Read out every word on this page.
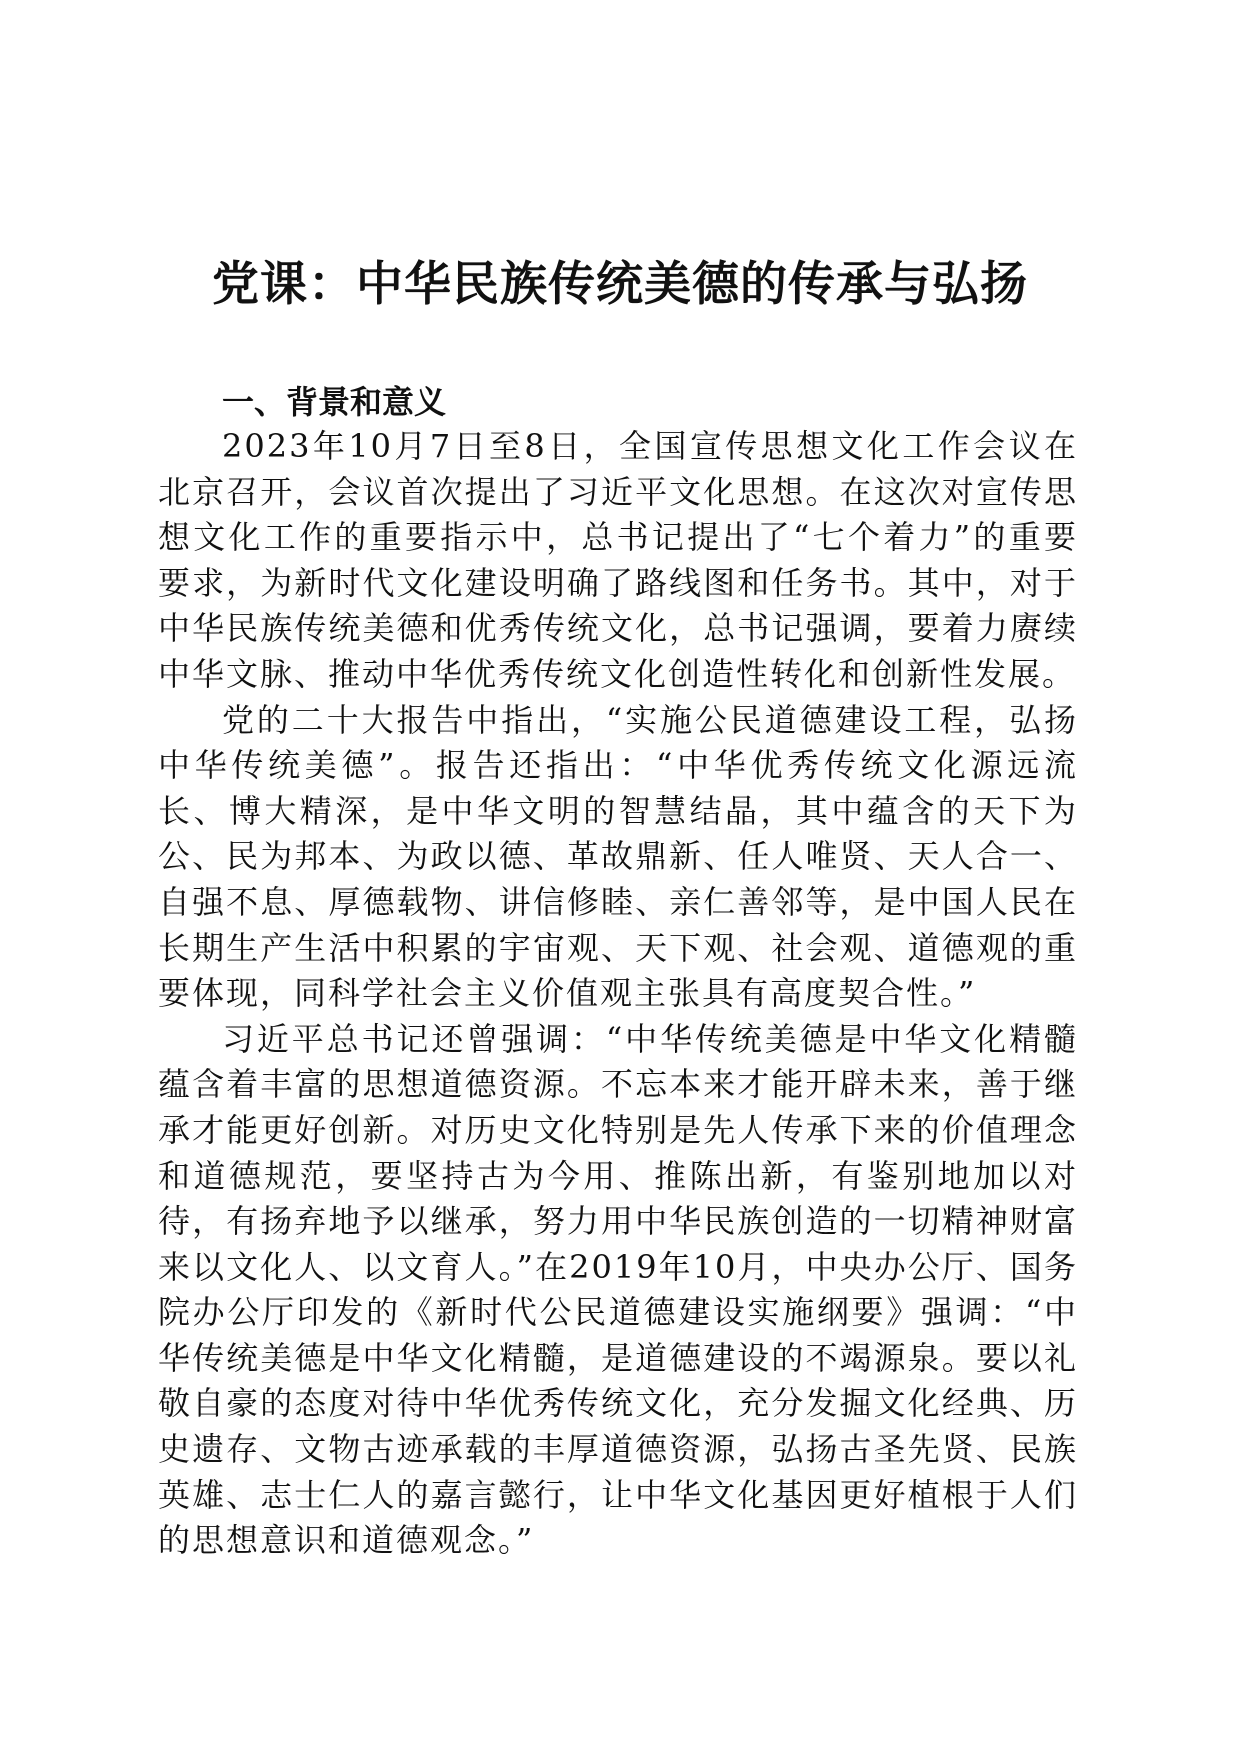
党课：中华民族传统美德的传承与弘扬
一、背景和意义

2023年10月7日至8日，全国宣传思想文化工作会议在北京召开，会议首次提出了习近平文化思想。在这次对宣传思想文化工作的重要指示中，总书记提出了“七个着力”的重要要求，为新时代文化建设明确了路线图和任务书。其中，对于中华民族传统美德和优秀传统文化，总书记强调，要着力赓续中华文脉、推动中华优秀传统文化创造性转化和创新性发展。

党的二十大报告中指出，“实施公民道德建设工程，弘扬中华传统美德”。报告还指出：“中华优秀传统文化源远流长、博大精深，是中华文明的智慧结晶，其中蕴含的天下为公、民为邦本、为政以德、革故鼎新、任人唯贤、天人合一、自强不息、厚德载物、讲信修睦、亲仁善邻等，是中国人民在长期生产生活中积累的宇宙观、天下观、社会观、道德观的重要体现，同科学社会主义价值观主张具有高度契合性。”

习近平总书记还曾强调：“中华传统美德是中华文化精髓蕴含着丰富的思想道德资源。不忘本来才能开辟未来，善于继承才能更好创新。对历史文化特别是先人传承下来的价值理念和道德规范，要坚持古为今用、推陈出新，有鉴别地加以对待，有扬弃地予以继承，努力用中华民族创造的一切精神财富来以文化人、以文育人。”在2019年10月，中央办公厅、国务院办公厅印发的《新时代公民道德建设实施纲要》强调：“中华传统美德是中华文化精髓，是道德建设的不竭源泉。要以礼敬自豪的态度对待中华优秀传统文化，充分发掘文化经典、历史遗存、文物古迹承载的丰厚道德资源，弘扬古圣先贤、民族英雄、志士仁人的嘉言懿行，让中华文化基因更好植根于人们的思想意识和道德观念。”
